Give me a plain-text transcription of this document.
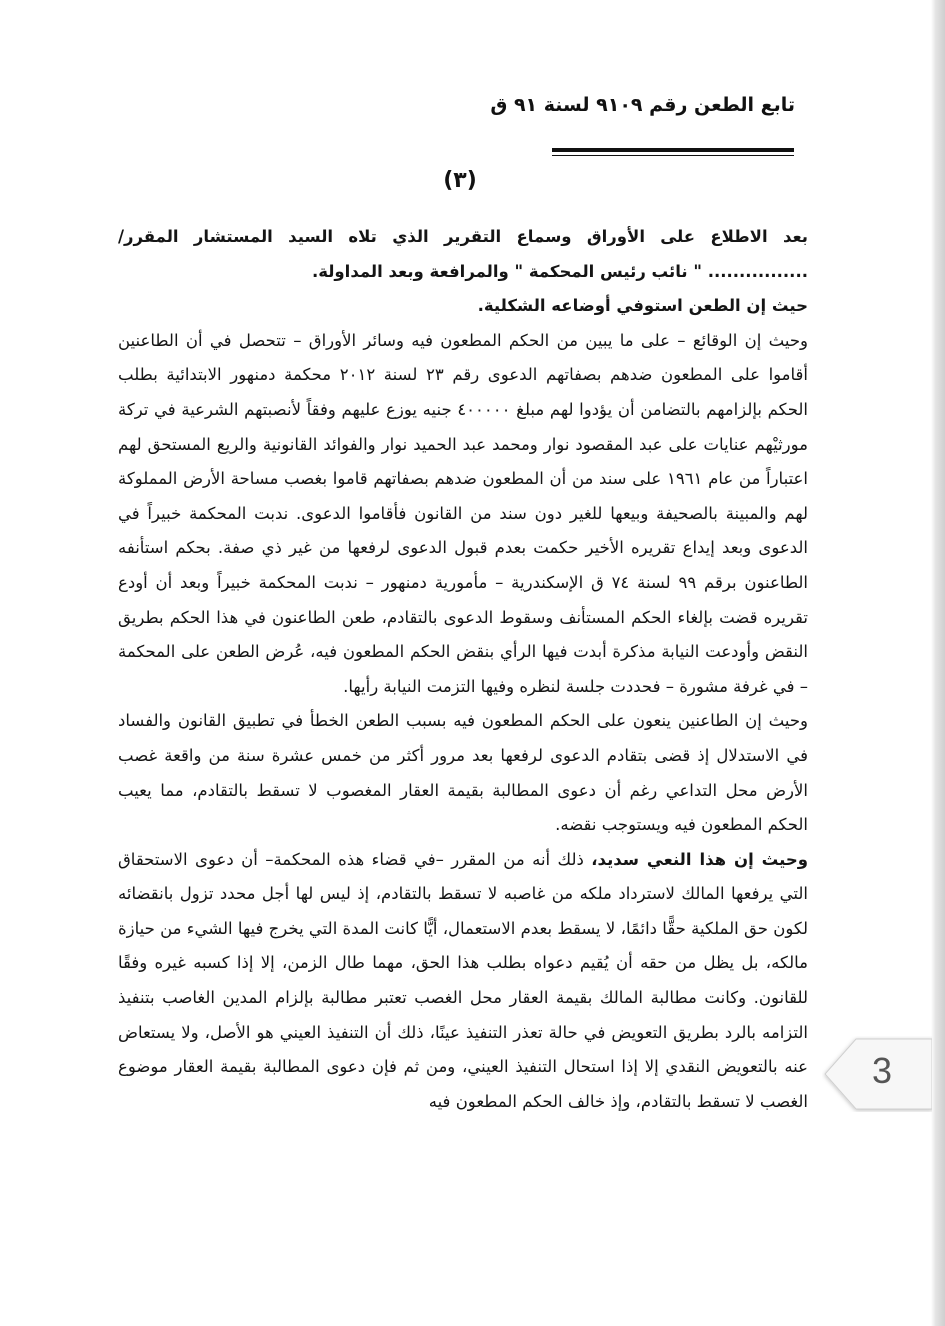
تابع الطعن رقم ٩١٠٩ لسنة ٩١ ق
(٣)

بعد الاطلاع على الأوراق وسماع التقرير الذي تلاه السيد المستشار المقرر/ ................ " نائب رئيس المحكمة " والمرافعة وبعد المداولة.

حيث إن الطعن استوفي أوضاعه الشكلية.

وحيث إن الوقائع – على ما يبين من الحكم المطعون فيه وسائر الأوراق – تتحصل في أن الطاعنين أقاموا على المطعون ضدهم بصفاتهم الدعوى رقم ٢٣ لسنة ٢٠١٢ محكمة دمنهور الابتدائية بطلب الحكم بإلزامهم بالتضامن أن يؤدوا لهم مبلغ ٤٠٠٠٠٠ جنيه يوزع عليهم وفقاً لأنصبتهم الشرعية في تركة مورثيْهم عنايات على عبد المقصود نوار ومحمد عبد الحميد نوار والفوائد القانونية والريع المستحق لهم اعتباراً من عام ١٩٦١ على سند من أن المطعون ضدهم بصفاتهم قاموا بغصب مساحة الأرض المملوكة لهم والمبينة بالصحيفة وبيعها للغير دون سند من القانون فأقاموا الدعوى. ندبت المحكمة خبيراً في الدعوى وبعد إيداع تقريره الأخير حكمت بعدم قبول الدعوى لرفعها من غير ذي صفة. بحكم استأنفه الطاعنون برقم ٩٩ لسنة ٧٤ ق الإسكندرية – مأمورية دمنهور – ندبت المحكمة خبيراً وبعد أن أودع تقريره قضت بإلغاء الحكم المستأنف وسقوط الدعوى بالتقادم، طعن الطاعنون في هذا الحكم بطريق النقض وأودعت النيابة مذكرة أبدت فيها الرأي بنقض الحكم المطعون فيه، عُرض الطعن على المحكمة – في غرفة مشورة – فحددت جلسة لنظره وفيها التزمت النيابة رأيها.

وحيث إن الطاعنين ينعون على الحكم المطعون فيه بسبب الطعن الخطأ في تطبيق القانون والفساد في الاستدلال إذ قضى بتقادم الدعوى لرفعها بعد مرور أكثر من خمس عشرة سنة من واقعة غصب الأرض محل التداعي رغم أن دعوى المطالبة بقيمة العقار المغصوب لا تسقط بالتقادم، مما يعيب الحكم المطعون فيه ويستوجب نقضه.

وحيث إن هذا النعي سديد، ذلك أنه من المقرر –في قضاء هذه المحكمة– أن دعوى الاستحقاق التي يرفعها المالك لاسترداد ملكه من غاصبه لا تسقط بالتقادم، إذ ليس لها أجل محدد تزول بانقضائه لكون حق الملكية حقًّا دائمًا، لا يسقط بعدم الاستعمال، أيًّا كانت المدة التي يخرج فيها الشيء من حيازة مالكه، بل يظل من حقه أن يُقيم دعواه بطلب هذا الحق، مهما طال الزمن، إلا إذا كسبه غيره وفقًا للقانون. وكانت مطالبة المالك بقيمة العقار محل الغصب تعتبر مطالبة بإلزام المدين الغاصب بتنفيذ التزامه بالرد بطريق التعويض في حالة تعذر التنفيذ عينًا، ذلك أن التنفيذ العيني هو الأصل، ولا يستعاض عنه بالتعويض النقدي إلا إذا استحال التنفيذ العيني، ومن ثم فإن دعوى المطالبة بقيمة العقار موضوع الغصب لا تسقط بالتقادم، وإذ خالف الحكم المطعون فيه

3
